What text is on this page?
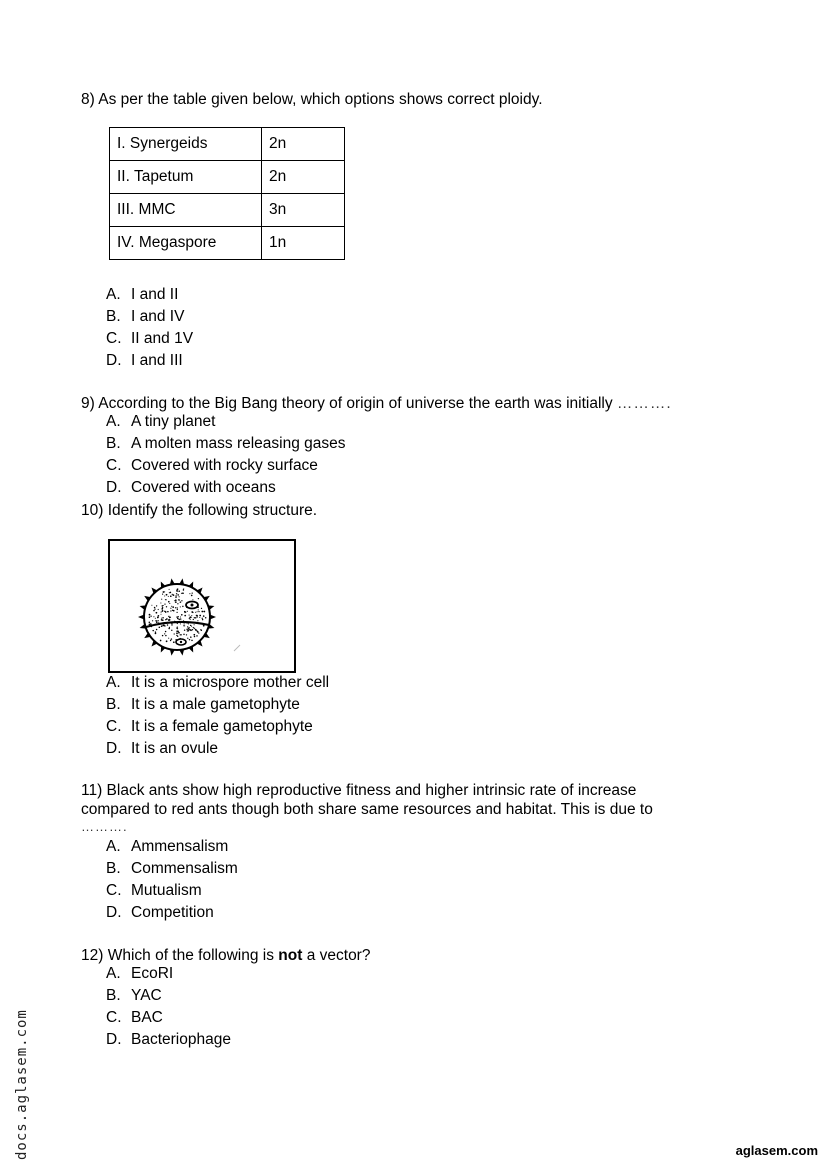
8) As per the table given below, which options shows correct ploidy.
I. Synergeids	2n
II. Tapetum	2n
III. MMC	3n
IV. Megaspore	1n
A. I and II
B. I and IV
C. II and 1V
D. I and III
9) According to the Big Bang theory of origin of universe the earth was initially ……….
A. A tiny planet
B. A molten mass releasing gases
C. Covered with rocky surface
D. Covered with oceans
10) Identify the following structure.
A. It is a microspore mother cell
B. It is a male gametophyte
C. It is a female gametophyte
D. It is an ovule
11) Black ants show high reproductive fitness and higher intrinsic rate of increase
compared to red ants though both share same resources and habitat. This is due to
……….
A. Ammensalism
B. Commensalism
C. Mutualism
D. Competition
12) Which of the following is not a vector?
A. EcoRI
B. YAC
C. BAC
D. Bacteriophage
docs.aglasem.com	aglasem.com
